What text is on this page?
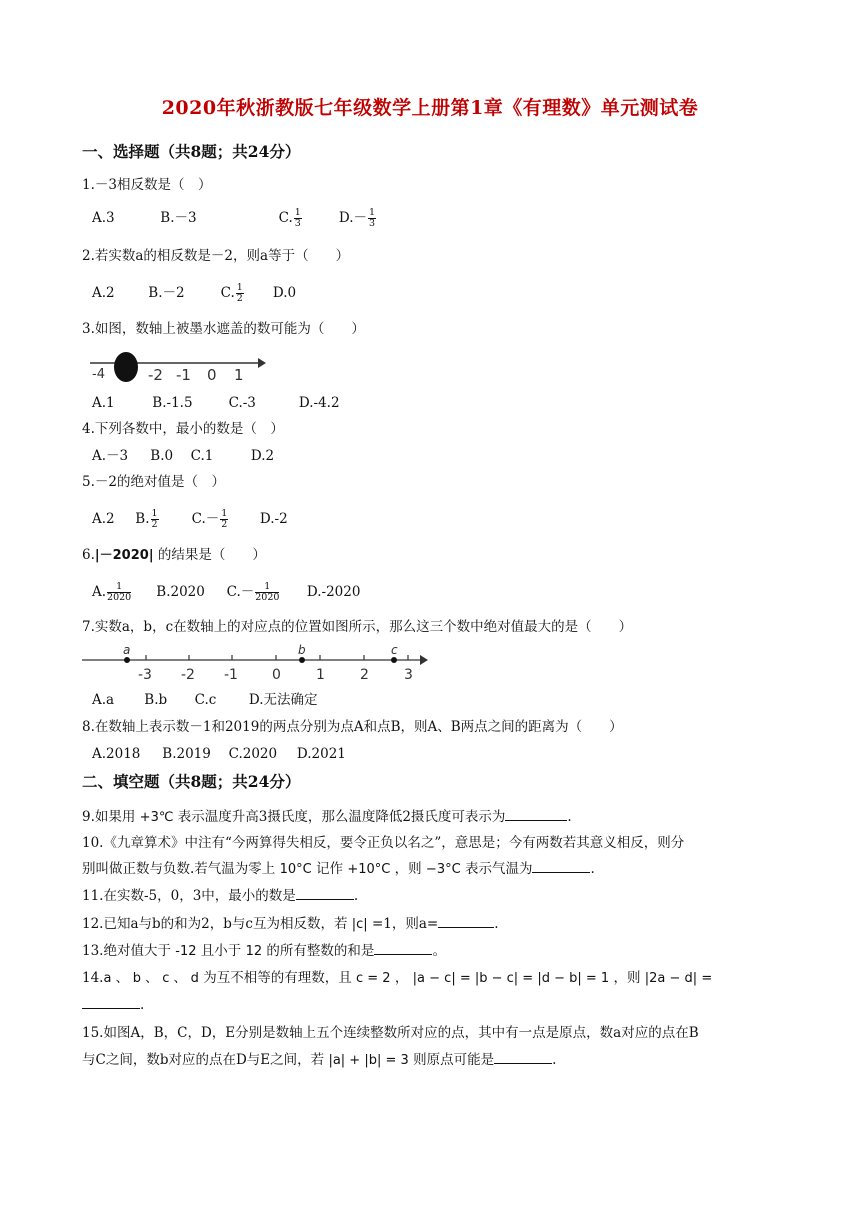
2020年秋浙教版七年级数学上册第1章《有理数》单元测试卷
一、选择题（共8题；共24分）
1.－3相反数是（　）
A.3	B.－3	C. $\frac{1}{3}$	$D.- \frac{1}{3}$
2.若实数a的相反数是－2，则a等于（　　）
A.2 B.－2	C. $\frac{1}{2} D.0$
3.如图，数轴上被墨水遮盖的数可能为（　　）
-4	-2 -1 0 1
A.1	B.-1.5	C.-3	D.-4.2
4.下列各数中，最小的数是（　）
A.－3 B.0 C.1	D.2
5.－2的绝对值是（　）
A.2 B. $\frac{1}{2} C.- \frac{1}{2} D.-2$
6.|－2020| 的结果是（　　）
A. $\frac{1}{2020} B.2020$ $C.- \frac{1}{2020} D.-2020$
7.实数a，b，c在数轴上的对应点的位置如图所示，那么这三个数中绝对值最大的是（　　）
-3 -2 -1 0	1	2	3
a	b	c
A.a B.b C.c D.无法确定
8.在数轴上表示数－1和2019的两点分别为点A和点B，则A、B两点之间的距离为（　　）
A.2018 B.2019 C.2020 D.2021
二、填空题（共8题；共24分）
9.如果用 +3℃ 表示温度升高3摄氏度，那么温度降低2摄氏度可表示为	.
10.《九章算术》中注有“今两算得失相反，要令正负以名之”，意思是；今有两数若其意义相反，则分
别叫做正数与负数.若气温为零上 10°C 记作 +10°C ，则 −3°C 表示气温为	.
11.在实数-5，0，3中，最小的数是	.
12.已知a与b的和为2，b与c互为相反数，若 |c| =1，则a=	.
13.绝对值大于 -12 且小于 12 的所有整数的和是	。
14.a 、 b 、 c 、 d 为互不相等的有理数，且 c = 2 ， |a − c| = |b − c| = |d − b| = 1 ，则 |2a − d| =
.
15.如图A，B，C，D，E分别是数轴上五个连续整数所对应的点，其中有一点是原点，数a对应的点在B
与C之间，数b对应的点在D与E之间，若 |a| + |b| = 3 则原点可能是	.
